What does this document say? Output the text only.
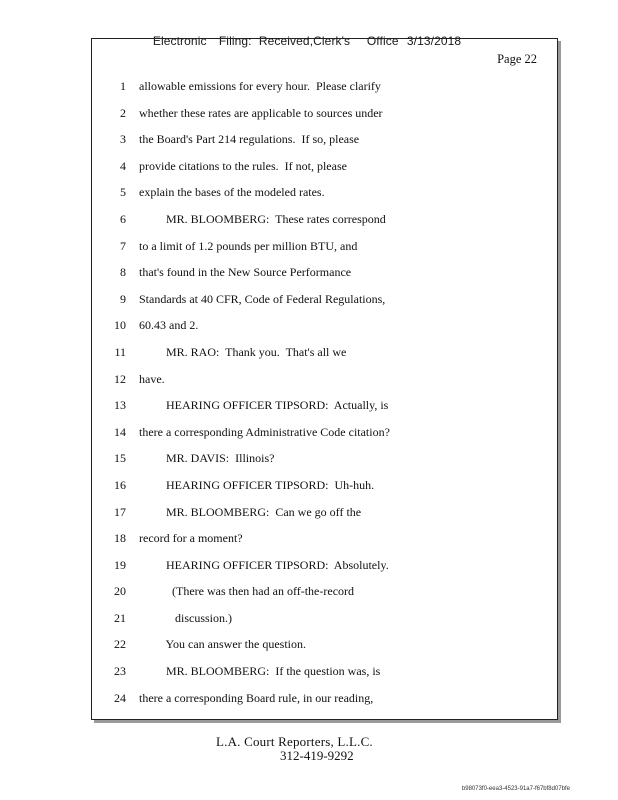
Electronic Filing: Received,Clerk's Office 3/13/2018

Page 22
1
2
3
4
5
6
7
8
9
10
11
12
13
14
15
16
17
18
19
20
21
22
23
24
allowable emissions for every hour.  Please clarify
whether these rates are applicable to sources under
the Board's Part 214 regulations.  If so, please
provide citations to the rules.  If not, please
explain the bases of the modeled rates.
MR. BLOOMBERG:  These rates correspond
to a limit of 1.2 pounds per million BTU, and
that's found in the New Source Performance
Standards at 40 CFR, Code of Federal Regulations,
60.43 and 2.
MR. RAO:  Thank you.  That's all we
have.
HEARING OFFICER TIPSORD:  Actually, is
there a corresponding Administrative Code citation?
MR. DAVIS:  Illinois?
HEARING OFFICER TIPSORD:  Uh-huh.
MR. BLOOMBERG:  Can we go off the
record for a moment?
HEARING OFFICER TIPSORD:  Absolutely.
(There was then had an off-the-record
discussion.)
You can answer the question.
MR. BLOOMBERG:  If the question was, is
there a corresponding Board rule, in our reading,
L.A. Court Reporters, L.L.C.
312-419-9292
b98073f0-eea3-4523-91a7-f67bf8d07bfe
